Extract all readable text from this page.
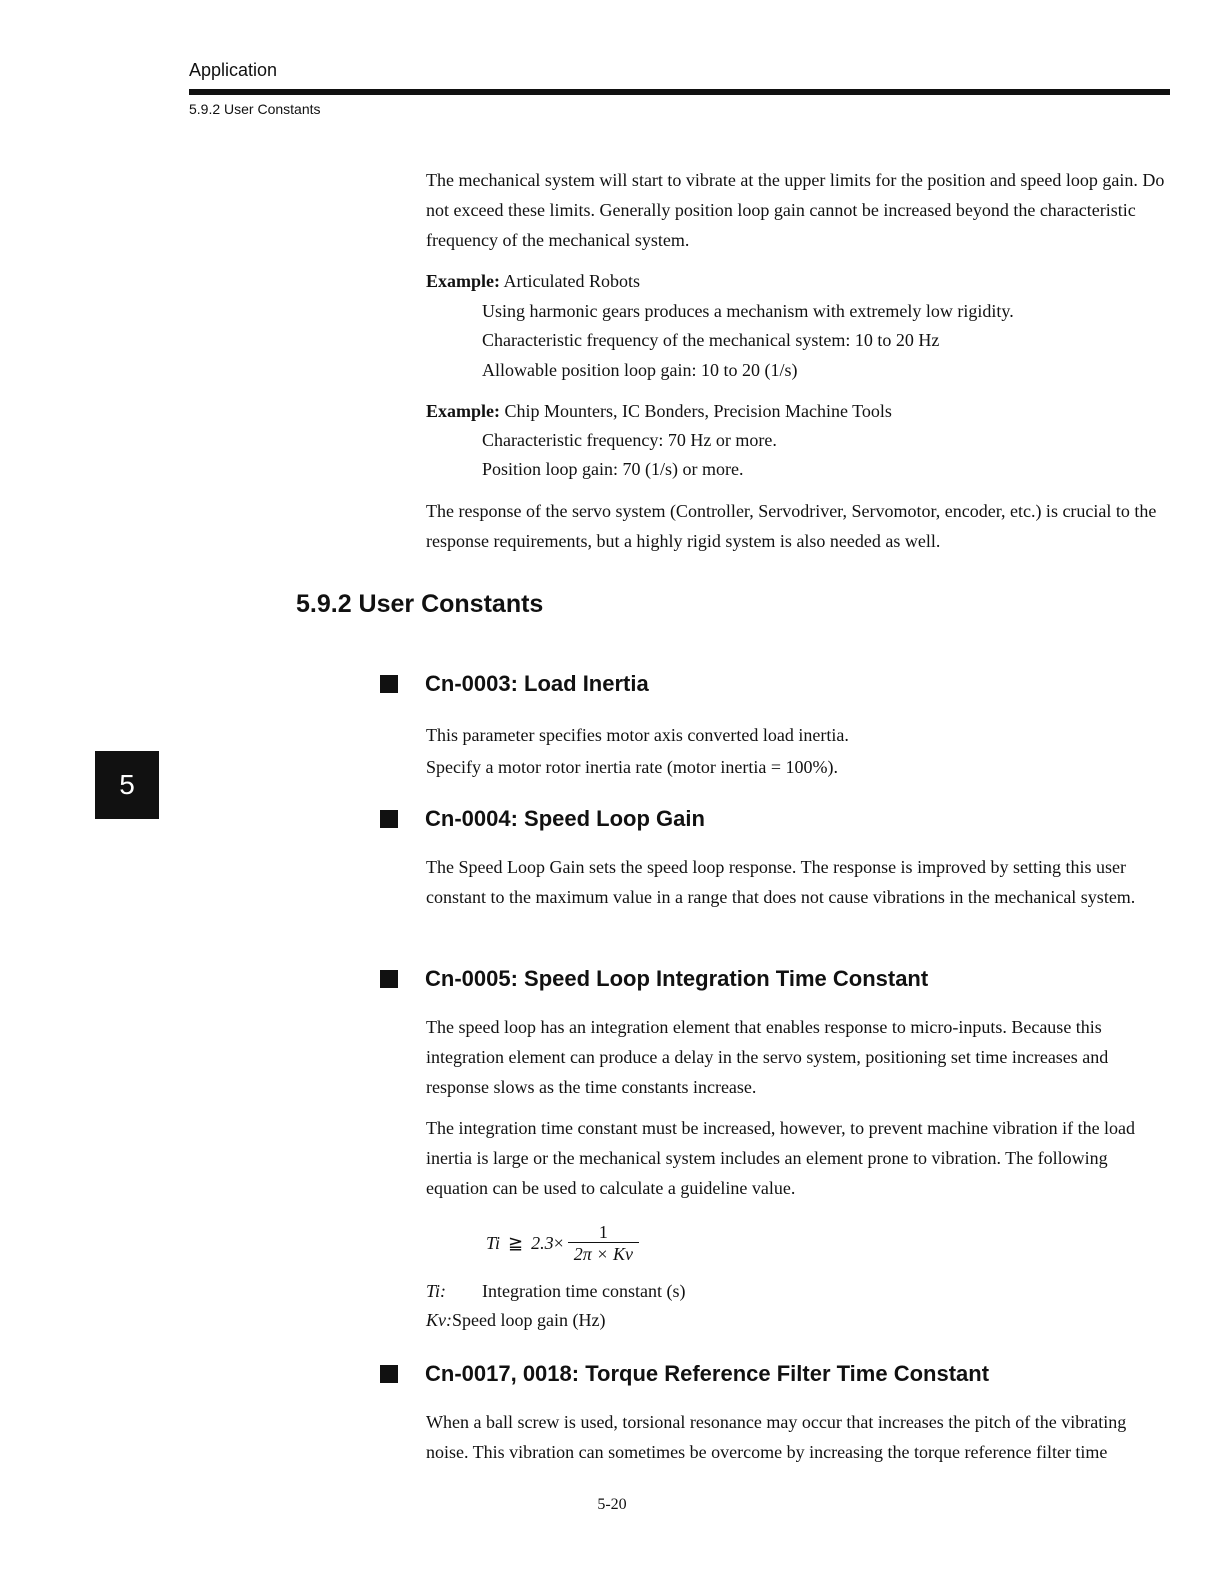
Application
5.9.2 User Constants
5

The mechanical system will start to vibrate at the upper limits for the position and speed loop gain. Do not exceed these limits. Generally position loop gain cannot be increased beyond the characteristic frequency of the mechanical system.

Example: Articulated Robots

Using harmonic gears produces a mechanism with extremely low rigidity.

Characteristic frequency of the mechanical system: 10 to 20 Hz

Allowable position loop gain: 10 to 20 (1/s)

Example: Chip Mounters, IC Bonders, Precision Machine Tools

Characteristic frequency: 70 Hz or more.

Position loop gain: 70 (1/s) or more.

The response of the servo system (Controller, Servodriver, Servomotor, encoder, etc.) is crucial to the response requirements, but a highly rigid system is also needed as well.

5.9.2 User Constants
Cn-0003: Load Inertia

This parameter specifies motor axis converted load inertia.

Specify a motor rotor inertia rate (motor inertia = 100%).

Cn-0004: Speed Loop Gain

The Speed Loop Gain sets the speed loop response. The response is improved by setting this user constant to the maximum value in a range that does not cause vibrations in the mechanical system.

Cn-0005: Speed Loop Integration Time Constant

The speed loop has an integration element that enables response to micro-inputs. Because this integration element can produce a delay in the servo system, positioning set time increases and response slows as the time constants increase.

The integration time constant must be increased, however, to prevent machine vibration if the load inertia is large or the mechanical system includes an element prone to vibration. The following equation can be used to calculate a guideline value.

Ti ≧ $2.3 \times \frac{1}{2\pi \times Kv}$
Ti: Integration time constant (s)
Kv:Speed loop gain (Hz)
Cn-0017, 0018: Torque Reference Filter Time Constant

When a ball screw is used, torsional resonance may occur that increases the pitch of the vibrating noise. This vibration can sometimes be overcome by increasing the torque reference filter time

5-20
